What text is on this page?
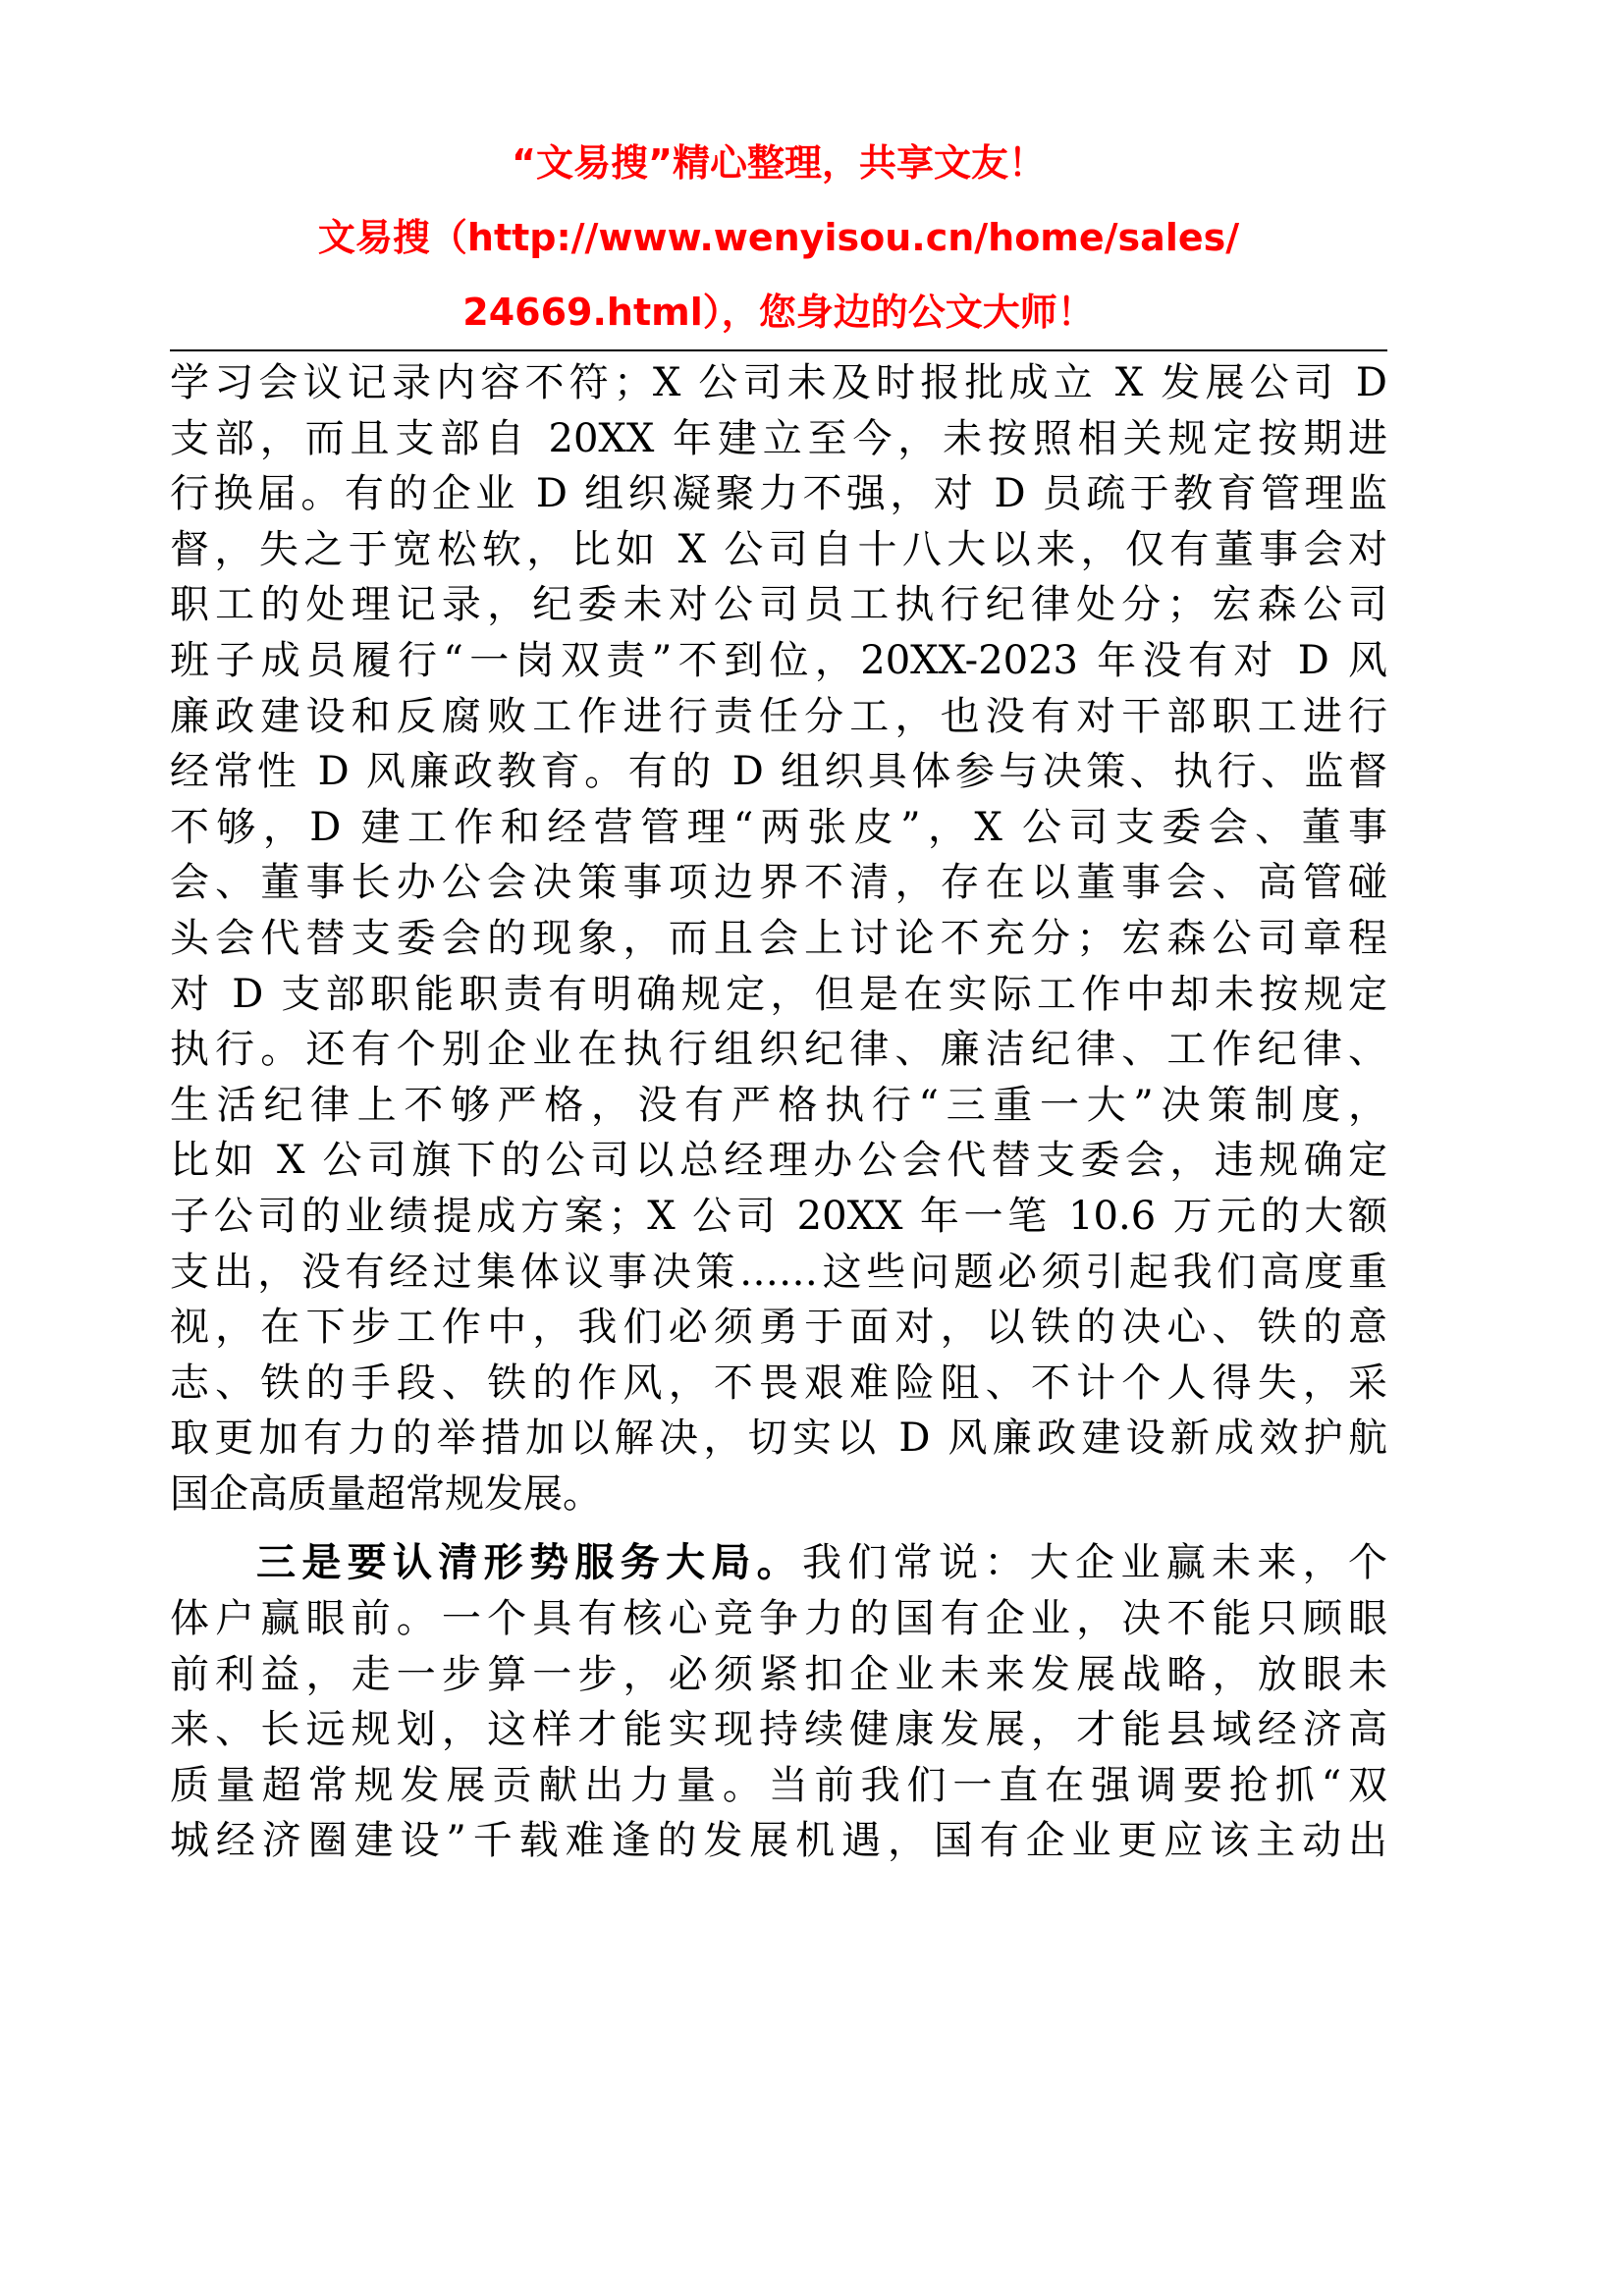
“文易搜”精心整理，共享文友！
文易搜（http://www.wenyisou.cn/home/sales/
24669.html），您身边的公文大师！
学习会议记录内容不符；X 公司未及时报批成立 X 发展公司 D
支部，而且支部自 20XX 年建立至今，未按照相关规定按期进
行换届。有的企业 D 组织凝聚力不强，对 D 员疏于教育管理监
督，失之于宽松软，比如 X 公司自十八大以来，仅有董事会对
职工的处理记录，纪委未对公司员工执行纪律处分；宏森公司
班子成员履行“一岗双责”不到位，20XX-2023 年没有对 D 风
廉政建设和反腐败工作进行责任分工，也没有对干部职工进行
经常性 D 风廉政教育。有的 D 组织具体参与决策、执行、监督
不够，D 建工作和经营管理“两张皮”，X 公司支委会、董事
会、董事长办公会决策事项边界不清，存在以董事会、高管碰
头会代替支委会的现象，而且会上讨论不充分；宏森公司章程
对 D 支部职能职责有明确规定，但是在实际工作中却未按规定
执行。还有个别企业在执行组织纪律、廉洁纪律、工作纪律、
生活纪律上不够严格，没有严格执行“三重一大”决策制度，
比如 X 公司旗下的公司以总经理办公会代替支委会，违规确定
子公司的业绩提成方案；X 公司 20XX 年一笔 10.6 万元的大额
支出，没有经过集体议事决策……这些问题必须引起我们高度重
视，在下步工作中，我们必须勇于面对，以铁的决心、铁的意
志、铁的手段、铁的作风，不畏艰难险阻、不计个人得失，采
取更加有力的举措加以解决，切实以 D 风廉政建设新成效护航
国企高质量超常规发展。
三是要认清形势服务大局。我们常说：大企业赢未来，个
体户赢眼前。一个具有核心竞争力的国有企业，决不能只顾眼
前利益，走一步算一步，必须紧扣企业未来发展战略，放眼未
来、长远规划，这样才能实现持续健康发展，才能县域经济高
质量超常规发展贡献出力量。当前我们一直在强调要抢抓“双
城经济圈建设”千载难逢的发展机遇，国有企业更应该主动出
